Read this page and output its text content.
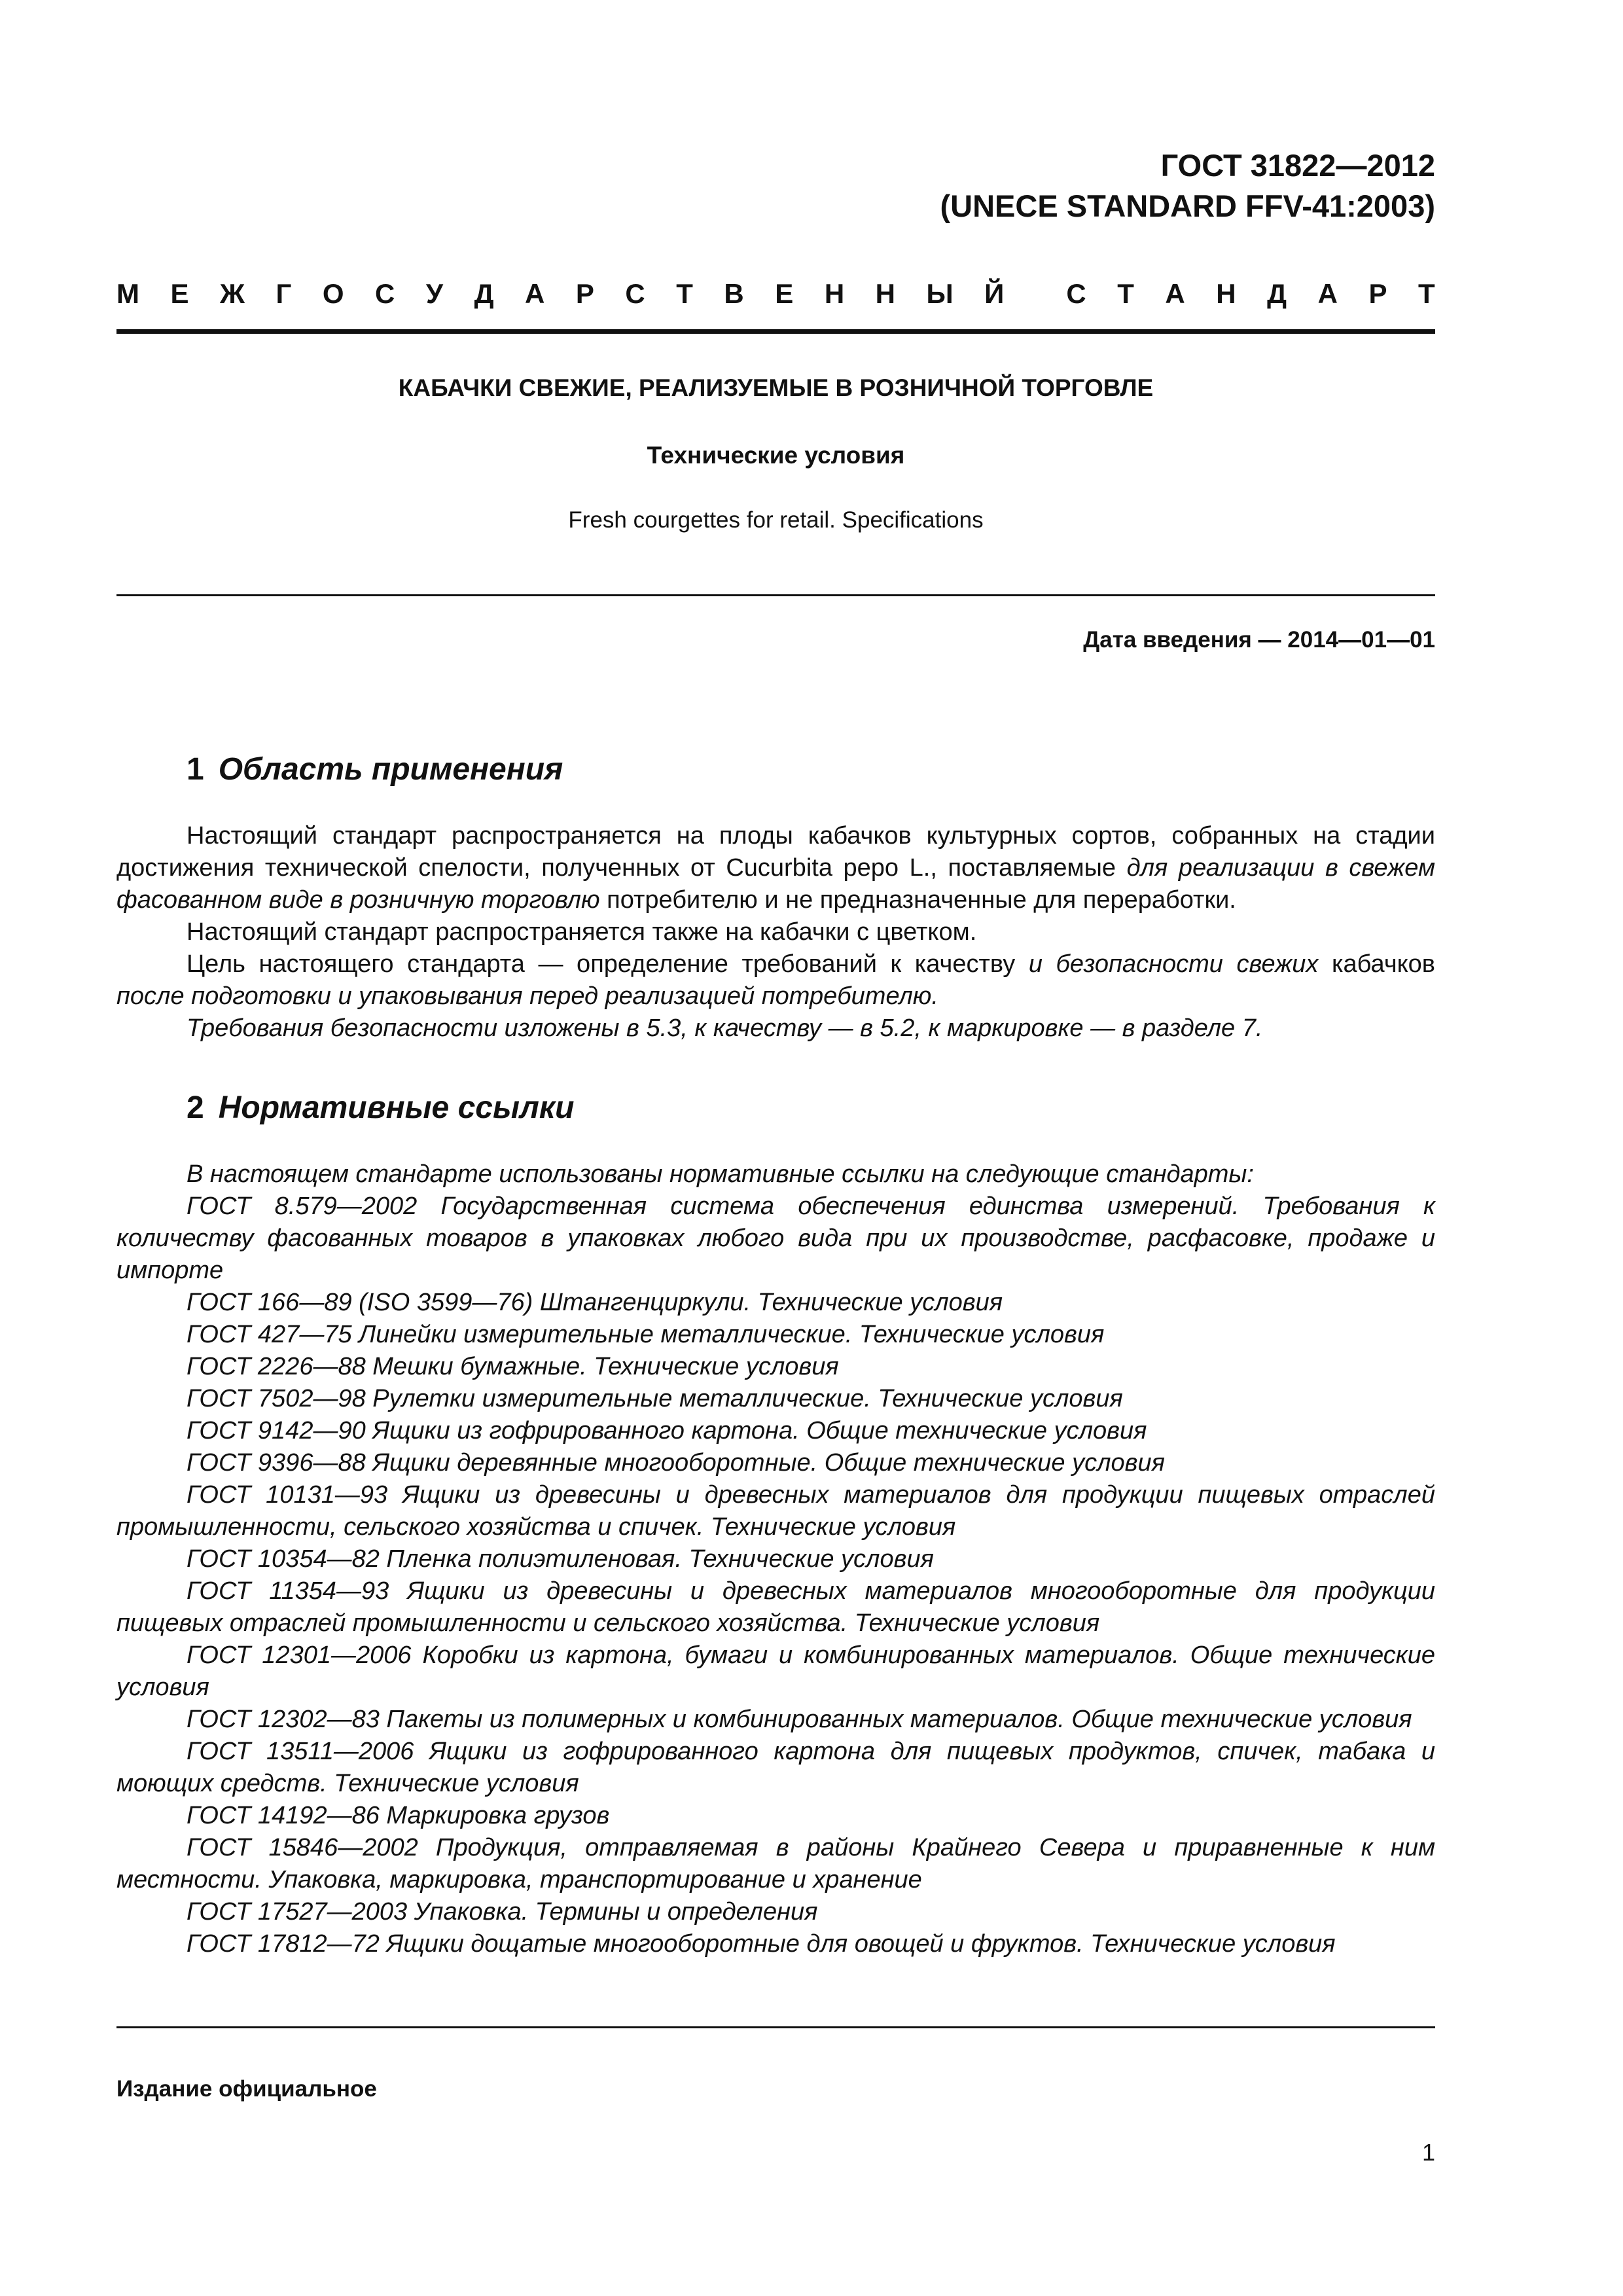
ГОСТ 31822—2012
(UNECE STANDARD FFV-41:2003)
М Е Ж Г О С У Д А Р С Т В Е Н Н Ы Й С Т А Н Д А Р Т
КАБАЧКИ СВЕЖИЕ, РЕАЛИЗУЕМЫЕ В РОЗНИЧНОЙ ТОРГОВЛЕ
Технические условия
Fresh courgettes for retail. Specifications
Дата введения — 2014—01—01
1 Область применения

Настоящий стандарт распространяется на плоды кабачков культурных сортов, собранных на стадии достижения технической спелости, полученных от Cucurbita pepo L., поставляемые для реализации в свежем фасованном виде в розничную торговлю потребителю и не предназначенные для переработки.

Настоящий стандарт распространяется также на кабачки с цветком.

Цель настоящего стандарта — определение требований к качеству и безопасности свежих кабачков после подготовки и упаковывания перед реализацией потребителю.

Требования безопасности изложены в 5.3, к качеству — в 5.2, к маркировке — в разделе 7.

2 Нормативные ссылки

В настоящем стандарте использованы нормативные ссылки на следующие стандарты:

ГОСТ 8.579—2002 Государственная система обеспечения единства измерений. Требования к количеству фасованных товаров в упаковках любого вида при их производстве, расфасовке, продаже и импорте

ГОСТ 166—89 (ISO 3599—76) Штангенциркули. Технические условия

ГОСТ 427—75 Линейки измерительные металлические. Технические условия

ГОСТ 2226—88 Мешки бумажные. Технические условия

ГОСТ 7502—98 Рулетки измерительные металлические. Технические условия

ГОСТ 9142—90 Ящики из гофрированного картона. Общие технические условия

ГОСТ 9396—88 Ящики деревянные многооборотные. Общие технические условия

ГОСТ 10131—93 Ящики из древесины и древесных материалов для продукции пищевых отраслей промышленности, сельского хозяйства и спичек. Технические условия

ГОСТ 10354—82 Пленка полиэтиленовая. Технические условия

ГОСТ 11354—93 Ящики из древесины и древесных материалов многооборотные для продукции пищевых отраслей промышленности и сельского хозяйства. Технические условия

ГОСТ 12301—2006 Коробки из картона, бумаги и комбинированных материалов. Общие технические условия

ГОСТ 12302—83 Пакеты из полимерных и комбинированных материалов. Общие технические условия

ГОСТ 13511—2006 Ящики из гофрированного картона для пищевых продуктов, спичек, табака и моющих средств. Технические условия

ГОСТ 14192—86 Маркировка грузов

ГОСТ 15846—2002 Продукция, отправляемая в районы Крайнего Севера и приравненные к ним местности. Упаковка, маркировка, транспортирование и хранение

ГОСТ 17527—2003 Упаковка. Термины и определения

ГОСТ 17812—72 Ящики дощатые многооборотные для овощей и фруктов. Технические условия

Издание официальное
1
